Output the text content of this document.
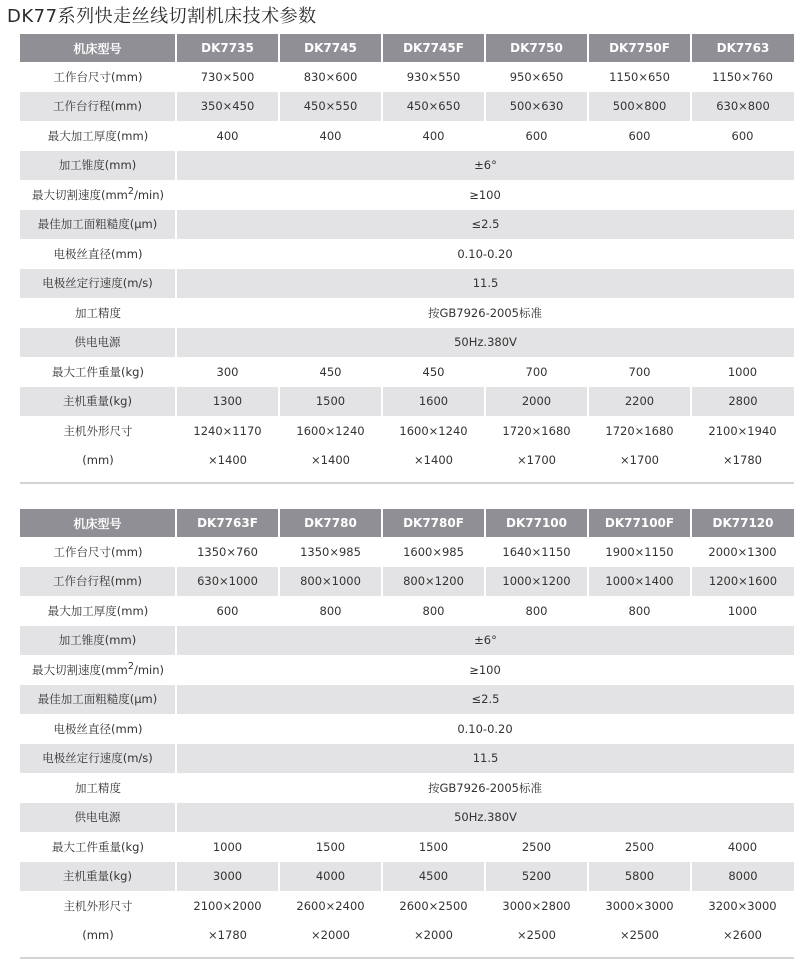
DK77系列快走丝线切割机床技术参数
机床型号	DK7735	DK7745	DK7745F	DK7750	DK7750F	DK7763
工作台尺寸(mm)	730×500	830×600	930×550	950×650	1150×650	1150×760
工作台行程(mm)	350×450	450×550	450×650	500×630	500×800	630×800
最大加工厚度(mm)	400	400	400	600	600	600
加工锥度(mm)	±6°					
最大切割速度$(mm^2/\min)$	≥100					
最佳加工面粗糙度(μm)	≤2.5					
电极丝直径(mm)	0.10-0.20					
电极丝定行速度(m/s)	11.5					
加工精度	按GB7926-2005标准					
供电电源	50Hz.380V					
最大工件重量(kg)	300	450	450	700	700	1000
主机重量(kg)	1300	1500	1600	2000	2200	2800
主机外形尺寸	1240×1170	1600×1240	1600×1240	1720×1680	1720×1680	2100×1940
(mm)	×1400	×1400	×1400	×1700	×1700	×1780
机床型号	DK7763F	DK7780	DK7780F	DK77100	DK77100F	DK77120
工作台尺寸(mm)	1350×760	1350×985	1600×985	1640×1150	1900×1150	2000×1300
工作台行程(mm)	630×1000	800×1000	800×1200	1000×1200	1000×1400	1200×1600
最大加工厚度(mm)	600	800	800	800	800	1000
加工锥度(mm)	±6°					
最大切割速度$(mm^2/\min)$	≥100					
最佳加工面粗糙度(μm)	≤2.5					
电极丝直径(mm)	0.10-0.20					
电极丝定行速度(m/s)	11.5					
加工精度	按GB7926-2005标准					
供电电源	50Hz.380V					
最大工件重量(kg)	1000	1500	1500	2500	2500	4000
主机重量(kg)	3000	4000	4500	5200	5800	8000
主机外形尺寸	2100×2000	2600×2400	2600×2500	3000×2800	3000×3000	3200×3000
(mm)	×1780	×2000	×2000	×2500	×2500	×2600
